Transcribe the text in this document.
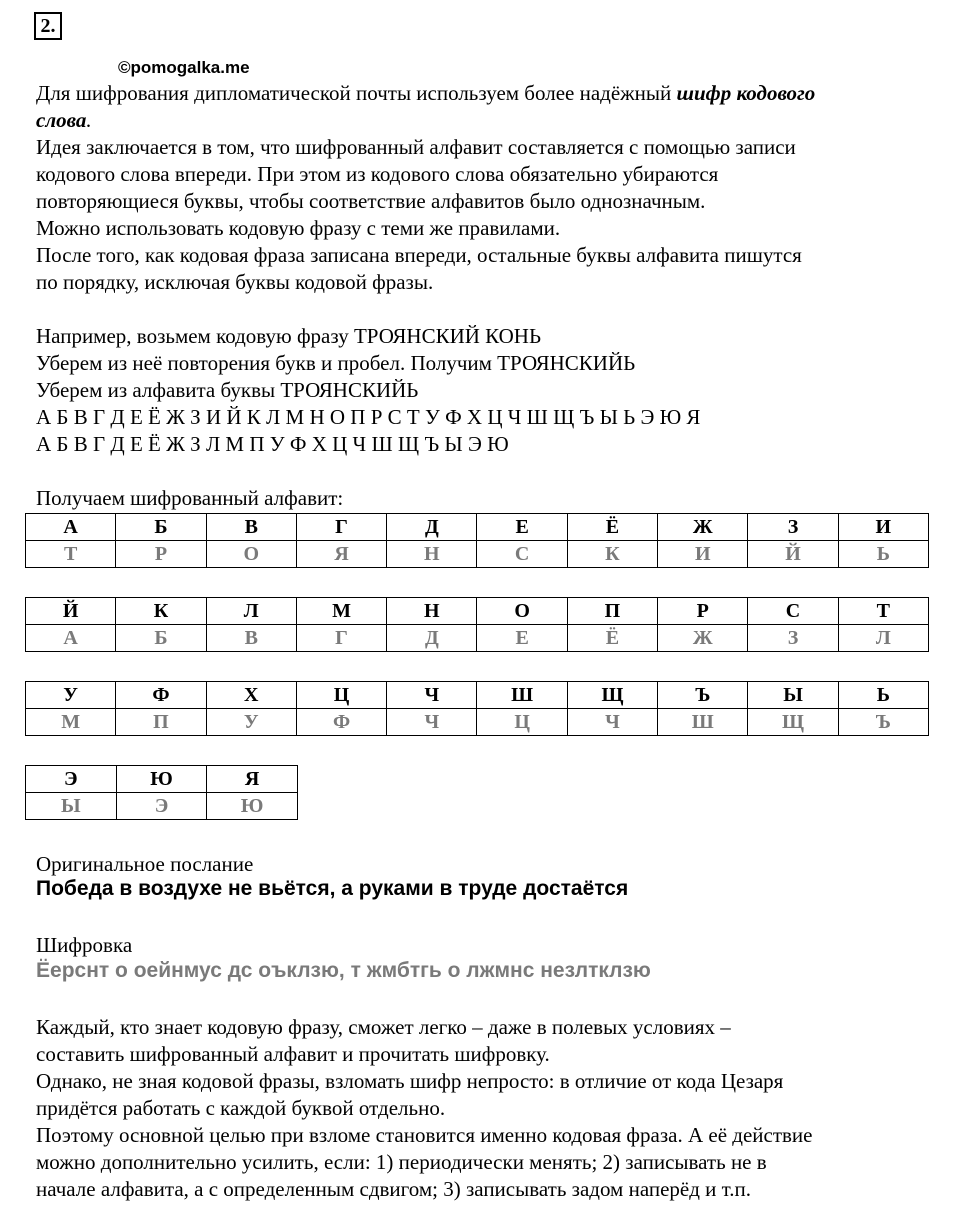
2.
©pomogalka.me
Для шифрования дипломатической почты используем более надёжный шифр кодового
слова.
Идея заключается в том, что шифрованный алфавит составляется с помощью записи
кодового слова впереди. При этом из кодового слова обязательно убираются
повторяющиеся буквы, чтобы соответствие алфавитов было однозначным.
Можно использовать кодовую фразу с теми же правилами.
После того, как кодовая фраза записана впереди, остальные буквы алфавита пишутся
по порядку, исключая буквы кодовой фразы.
Например, возьмем кодовую фразу ТРОЯНСКИЙ КОНЬ
Уберем из неё повторения букв и пробел. Получим ТРОЯНСКИЙЬ
Уберем из алфавита буквы ТРОЯНСКИЙЬ
А Б В Г Д Е Ё Ж З И Й К Л М Н О П Р С Т У Ф Х Ц Ч Ш Щ Ъ Ы Ь Э Ю Я
А Б В Г Д Е Ё Ж З Л М П У Ф Х Ц Ч Ш Щ Ъ Ы Э Ю
Получаем шифрованный алфавит:
А	Б	В	Г	Д	Е	Ё	Ж	З	И
Т	Р	О	Я	Н	С	К	И	Й	Ь
Й	К	Л	М	Н	О	П	Р	С	Т
А	Б	В	Г	Д	Е	Ё	Ж	З	Л
У	Ф	Х	Ц	Ч	Ш	Щ	Ъ	Ы	Ь
М	П	У	Ф	Ч	Ц	Ч	Ш	Щ	Ъ
Э	Ю	Я
Ы	Э	Ю
Оригинальное послание
Победа в воздухе не вьётся, а руками в труде достаётся
Шифровка
Ёерснт о оейнмус дс оъклзю, т жмбтгь о лжмнс незлтклзю
Каждый, кто знает кодовую фразу, сможет легко – даже в полевых условиях –
составить шифрованный алфавит и прочитать шифровку.
Однако, не зная кодовой фразы, взломать шифр непросто: в отличие от кода Цезаря
придётся работать с каждой буквой отдельно.
Поэтому основной целью при взломе становится именно кодовая фраза. А её действие
можно дополнительно усилить, если: 1) периодически менять; 2) записывать не в
начале алфавита, а с определенным сдвигом; 3) записывать задом наперёд и т.п.
